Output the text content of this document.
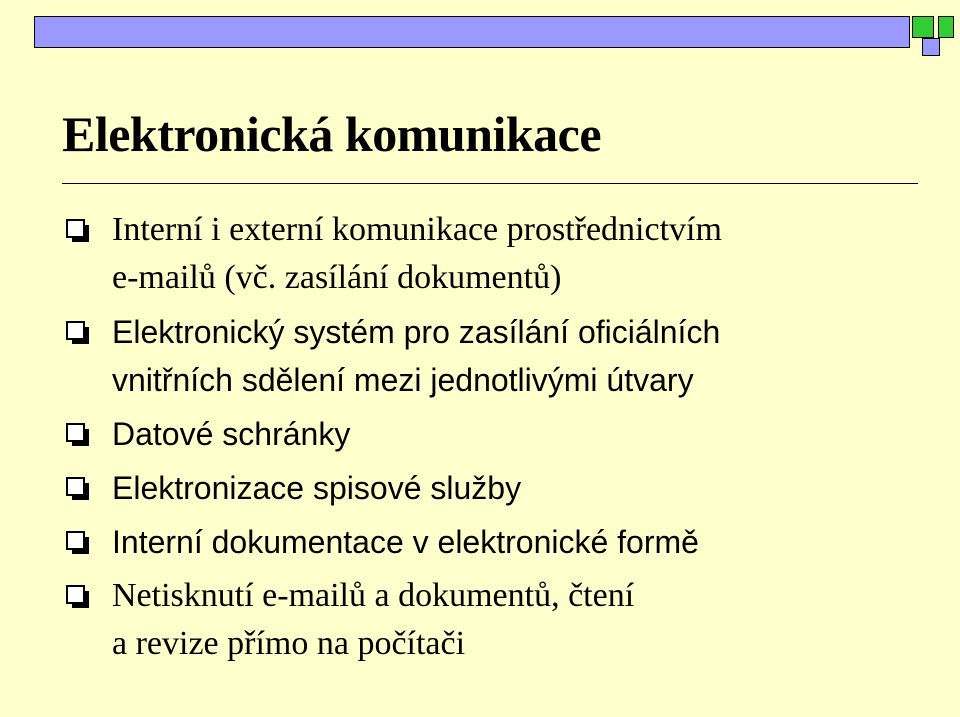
Elektronická komunikace
Interní i externí komunikace prostřednictvím
e-mailů (vč. zasílání dokumentů)
Elektronický systém pro zasílání oficiálních
vnitřních sdělení mezi jednotlivými útvary
Datové schránky
Elektronizace spisové služby
Interní dokumentace v elektronické formě
Netisknutí e-mailů a dokumentů, čtení
a revize přímo na počítači
